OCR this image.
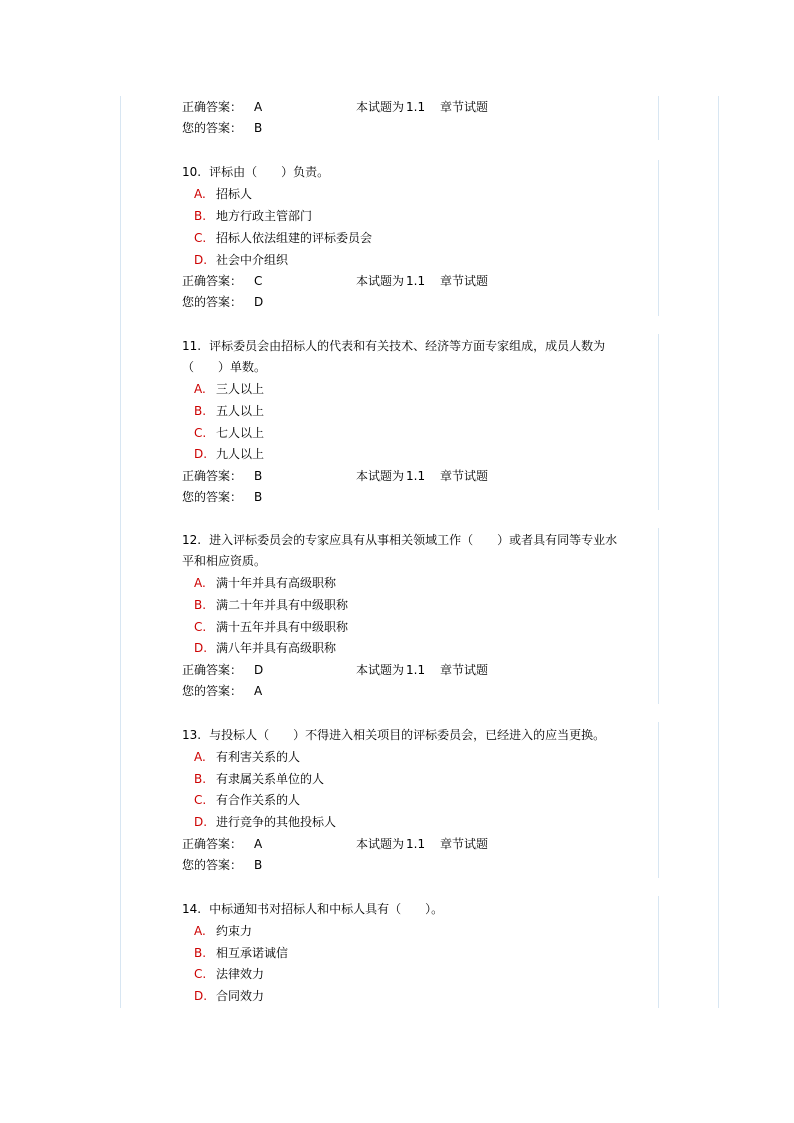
正确答案： A	本试题为 1.1 章节试题
您的答案： B
10. 评标由（　　）负责。
A. 招标人
B. 地方行政主管部门
C. 招标人依法组建的评标委员会
D. 社会中介组织
正确答案： C	本试题为 1.1 章节试题
您的答案： D
11. 评标委员会由招标人的代表和有关技术、经济等方面专家组成，成员人数为
（　　）单数。
A. 三人以上
B. 五人以上
C. 七人以上
D. 九人以上
正确答案： B	本试题为 1.1 章节试题
您的答案： B
12. 进入评标委员会的专家应具有从事相关领域工作（　　）或者具有同等专业水
平和相应资质。
A. 满十年并具有高级职称
B. 满二十年并具有中级职称
C. 满十五年并具有中级职称
D. 满八年并具有高级职称
正确答案： D	本试题为 1.1 章节试题
您的答案： A
13. 与投标人（　　）不得进入相关项目的评标委员会，已经进入的应当更换。
A. 有利害关系的人
B. 有隶属关系单位的人
C. 有合作关系的人
D. 进行竞争的其他投标人
正确答案： A	本试题为 1.1 章节试题
您的答案： B
14. 中标通知书对招标人和中标人具有（　　）。
A. 约束力
B. 相互承诺诚信
C. 法律效力
D. 合同效力
